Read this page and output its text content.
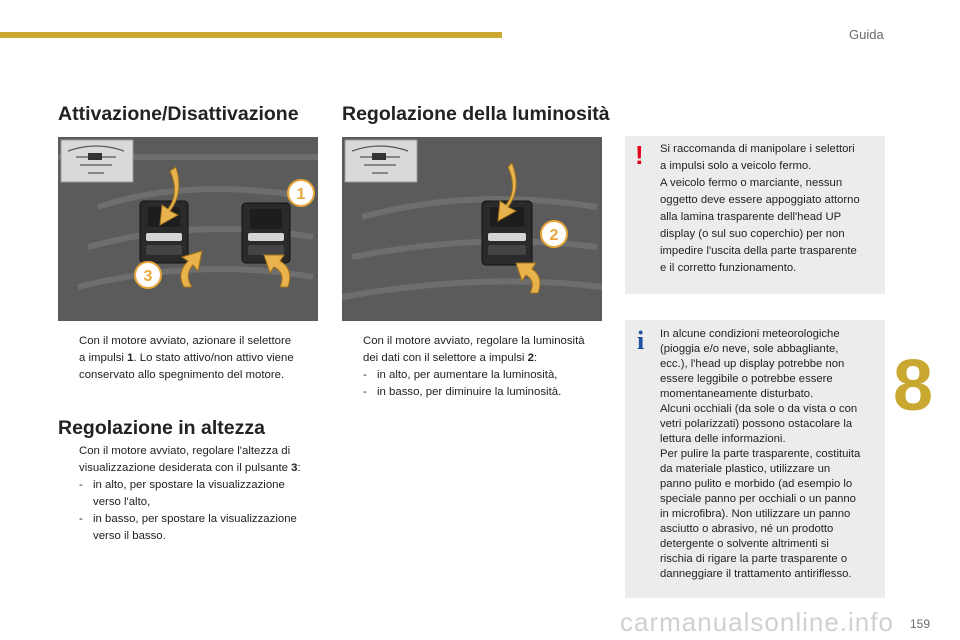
Guida
Attivazione/Disattivazione Regolazione della luminosità
Regolazione in altezza
1
3
2
Con il motore avviato, azionare il selettore
a impulsi 1. Lo stato attivo/non attivo viene
conservato allo spegnimento del motore.
Con il motore avviato, regolare l'altezza di
visualizzazione desiderata con il pulsante 3:
- in alto, per spostare la visualizzazione
verso l'alto,
- in basso, per spostare la visualizzazione
verso il basso.
Con il motore avviato, regolare la luminosità
dei dati con il selettore a impulsi 2:
- in alto, per aumentare la luminosità,
- in basso, per diminuire la luminosità.
! Si raccomanda di manipolare i selettori
a impulsi solo a veicolo fermo.
A veicolo fermo o marciante, nessun
oggetto deve essere appoggiato attorno
alla lamina trasparente dell'head UP
display (o sul suo coperchio) per non
impedire l'uscita della parte trasparente
e il corretto funzionamento.
i In alcune condizioni meteorologiche
(pioggia e/o neve, sole abbagliante,
ecc.), l'head up display potrebbe non
essere leggibile o potrebbe essere
momentaneamente disturbato.
Alcuni occhiali (da sole o da vista o con
vetri polarizzati) possono ostacolare la
lettura delle informazioni.
Per pulire la parte trasparente, costituita
da materiale plastico, utilizzare un
panno pulito e morbido (ad esempio lo
speciale panno per occhiali o un panno
in microfibra). Non utilizzare un panno
asciutto o abrasivo, né un prodotto
detergente o solvente altrimenti si
rischia di rigare la parte trasparente o
danneggiare il trattamento antiriflesso.
8
159
carmanualsonline.info
